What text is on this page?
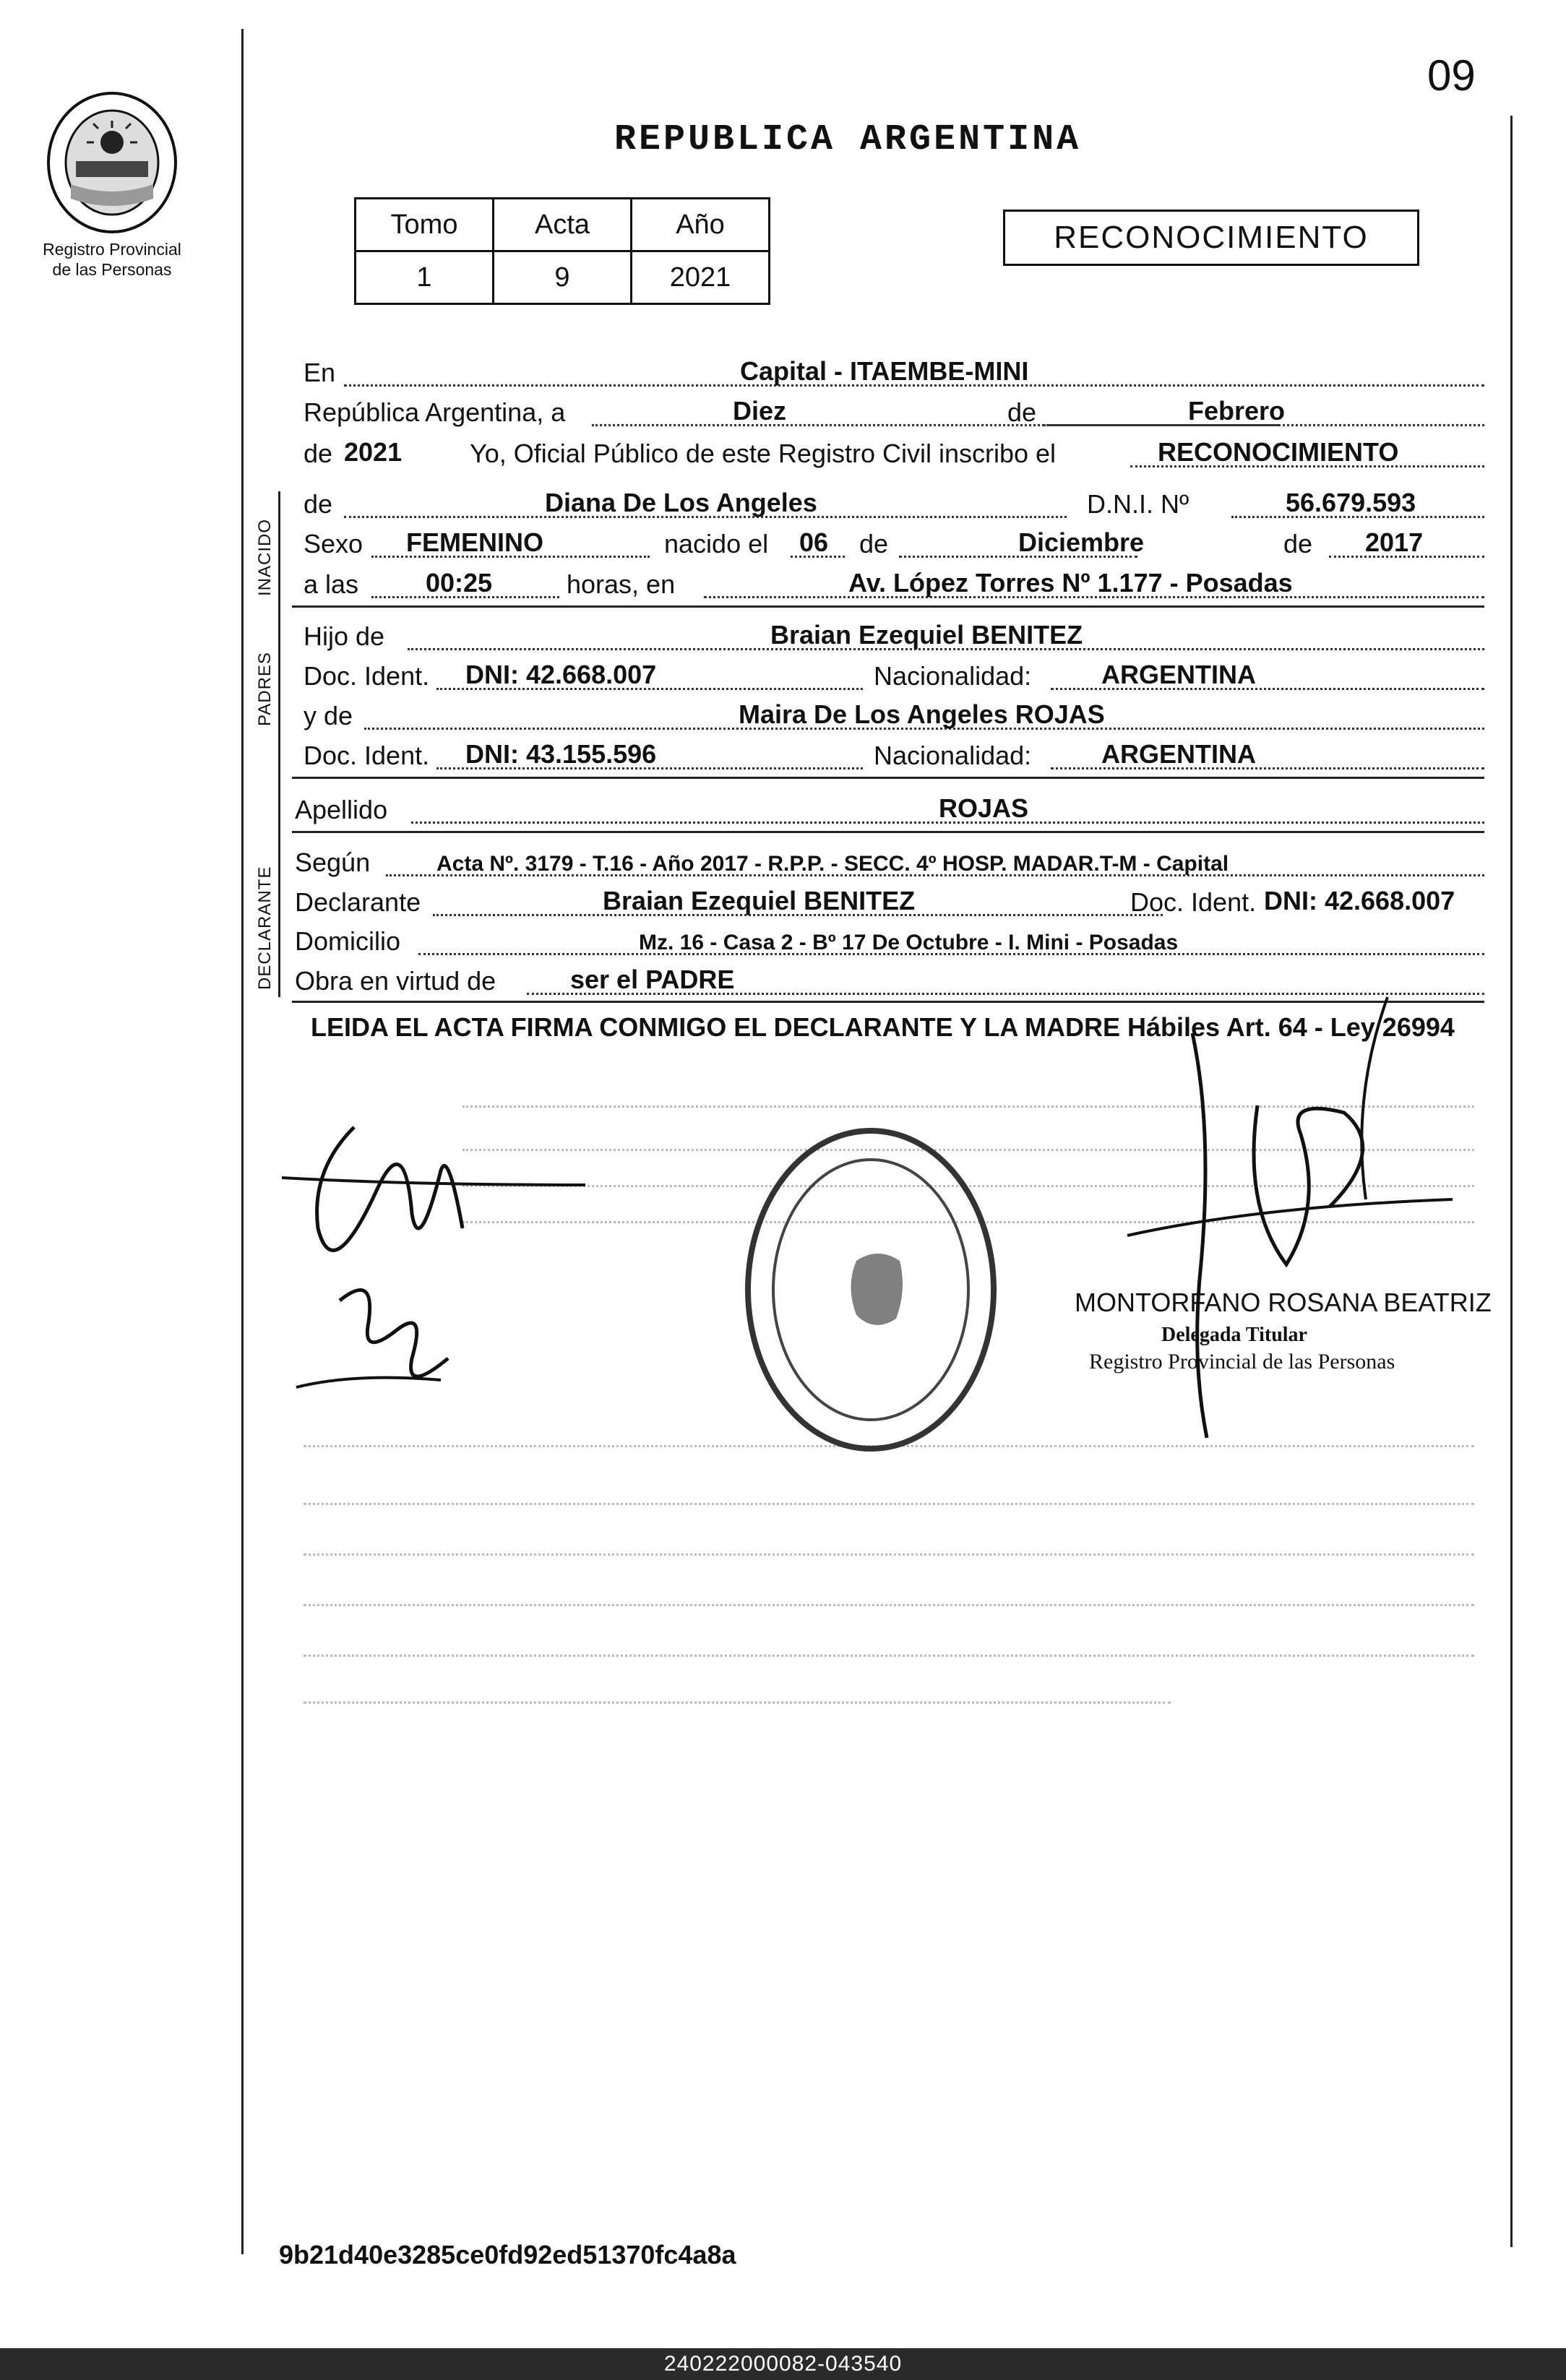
Registro Provincial
de las Personas
09
REPUBLICA ARGENTINA
Tomo	Acta	Año
1	9	2021
RECONOCIMIENTO
INACIDO
PADRES
DECLARANTE
En	Capital - ITAEMBE-MINI
República Argentina, a	Diez	de	Febrero
de 2021	Yo, Oficial Público de este Registro Civil inscribo el	RECONOCIMIENTO
de	Diana De Los Angeles	D.N.I. Nº	56.679.593
Sexo FEMENINO	nacido el 06 de	Diciembre	de 2017
a las	00:25	horas, en	Av. López Torres Nº 1.177 - Posadas
Hijo de	Braian Ezequiel BENITEZ
Doc. Ident. DNI: 42.668.007	Nacionalidad:	ARGENTINA
y de	Maira De Los Angeles ROJAS
Doc. Ident. DNI: 43.155.596	Nacionalidad:	ARGENTINA
Apellido	ROJAS
Según	Acta Nº. 3179 - T.16 - Año 2017 - R.P.P. - SECC. 4º HOSP. MADAR.T-M - Capital
Declarante	Braian Ezequiel BENITEZ	Doc. Ident. DNI: 42.668.007
Domicilio	Mz. 16 - Casa 2 - Bº 17 De Octubre - I. Mini - Posadas
Obra en virtud de	ser el PADRE
LEIDA EL ACTA FIRMA CONMIGO EL DECLARANTE Y LA MADRE Hábiles Art. 64 - Ley 26994
MONTORFANO ROSANA BEATRIZ
Delegada Titular
Registro Provincial de las Personas
9b21d40e3285ce0fd92ed51370fc4a8a
240222000082-043540
